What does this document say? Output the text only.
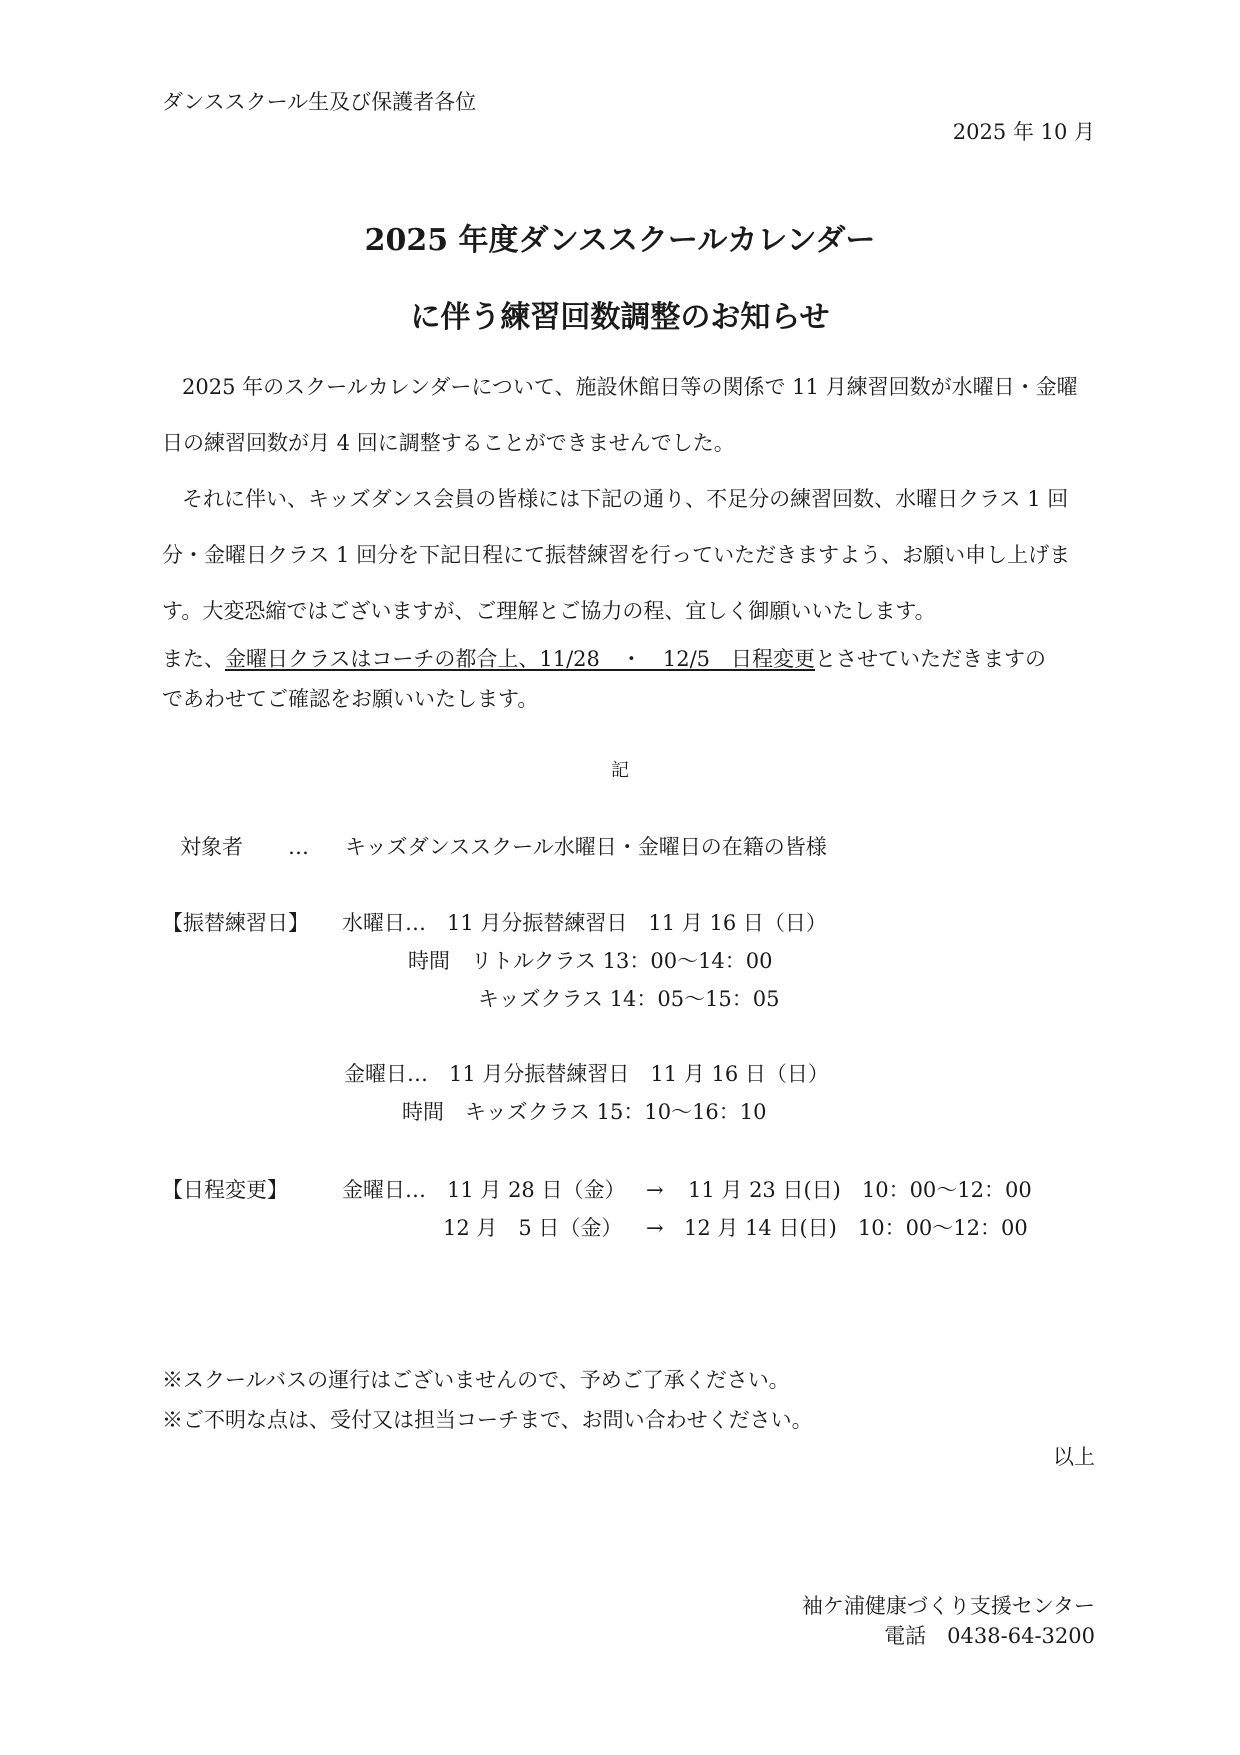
ダンススクール生及び保護者各位
2025 年 10 月
2025 年度ダンススクールカレンダー
に伴う練習回数調整のお知らせ
2025 年のスクールカレンダーについて、施設休館日等の関係で 11 月練習回数が水曜日・金曜
日の練習回数が月 4 回に調整することができませんでした。
それに伴い、キッズダンス会員の皆様には下記の通り、不足分の練習回数、水曜日クラス 1 回
分・金曜日クラス 1 回分を下記日程にて振替練習を行っていただきますよう、お願い申し上げま
す。大変恐縮ではございますが、ご理解とご協力の程、宜しく御願いいたします。
また、金曜日クラスはコーチの都合上、11/28　・　12/5　日程変更とさせていただきますの
であわせてご確認をお願いいたします。
記
対象者 … キッズダンススクール水曜日・金曜日の在籍の皆様
【振替練習日】 水曜日…　11 月分振替練習日　11 月 16 日（日）
時間　リトルクラス 13：00〜14：00
キッズクラス 14：05〜15：05
金曜日…　11 月分振替練習日　11 月 16 日（日）
時間　キッズクラス 15：10〜16：10
【日程変更】	金曜日…　11 月 28 日（金） → 11 月 23 日(日)　10：00〜12：00
12 月　5 日（金） → 12 月 14 日(日)　10：00〜12：00
※スクールバスの運行はございませんので、予めご了承ください。
※ご不明な点は、受付又は担当コーチまで、お問い合わせください。
以上
袖ケ浦健康づくり支援センター
電話　0438-64-3200
